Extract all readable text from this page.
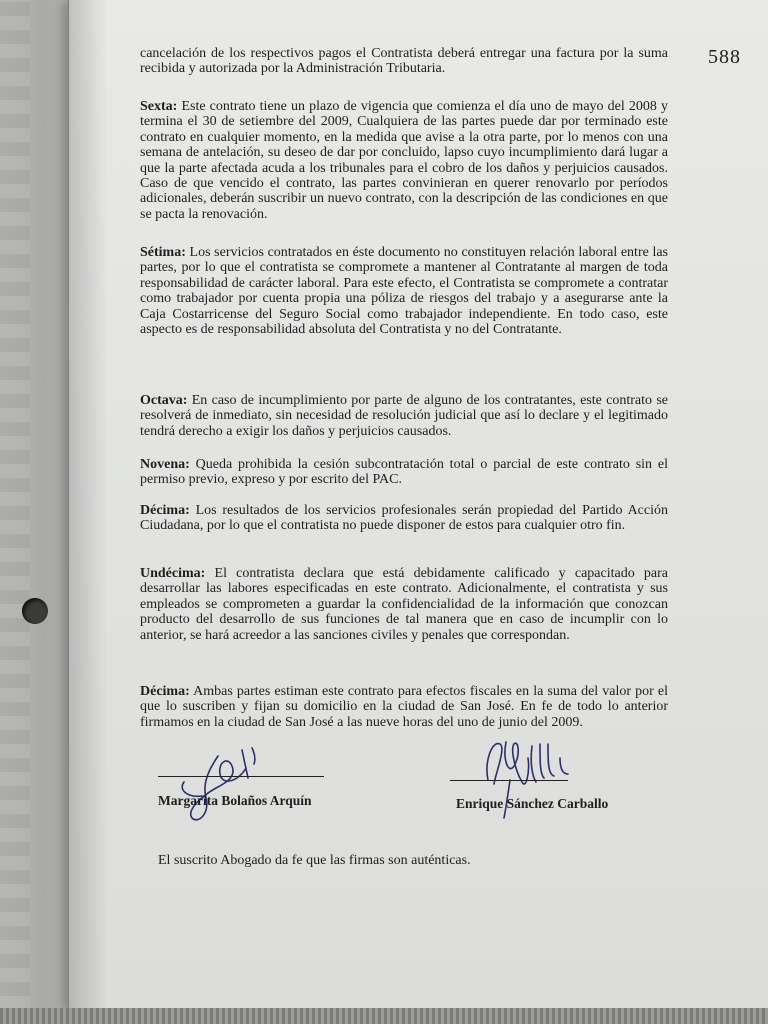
588

cancelación de los respectivos pagos el Contratista deberá entregar una factura por la suma recibida y autorizada por la Administración Tributaria.

Sexta: Este contrato tiene un plazo de vigencia que comienza el día uno de mayo del 2008 y termina el 30 de setiembre del 2009, Cualquiera de las partes puede dar por terminado este contrato en cualquier momento, en la medida que avise a la otra parte, por lo menos con una semana de antelación, su deseo de dar por concluido, lapso cuyo incumplimiento dará lugar a que la parte afectada acuda a los tribunales para el cobro de los daños y perjuicios causados. Caso de que vencido el contrato, las partes convinieran en querer renovarlo por períodos adicionales, deberán suscribir un nuevo contrato, con la descripción de las condiciones en que se pacta la renovación.

Sétima: Los servicios contratados en éste documento no constituyen relación laboral entre las partes, por lo que el contratista se compromete a mantener al Contratante al margen de toda responsabilidad de carácter laboral. Para este efecto, el Contratista se compromete a contratar como trabajador por cuenta propia una póliza de riesgos del trabajo y a asegurarse ante la Caja Costarricense del Seguro Social como trabajador independiente. En todo caso, este aspecto es de responsabilidad absoluta del Contratista y no del Contratante.

Octava: En caso de incumplimiento por parte de alguno de los contratantes, este contrato se resolverá de inmediato, sin necesidad de resolución judicial que así lo declare y el legitimado tendrá derecho a exigir los daños y perjuicios causados.

Novena: Queda prohibida la cesión subcontratación total o parcial de este contrato sin el permiso previo, expreso y por escrito del PAC.

Décima: Los resultados de los servicios profesionales serán propiedad del Partido Acción Ciudadana, por lo que el contratista no puede disponer de estos para cualquier otro fin.

Undécima: El contratista declara que está debidamente calificado y capacitado para desarrollar las labores especificadas en este contrato. Adicionalmente, el contratista y sus empleados se comprometen a guardar la confidencialidad de la información que conozcan producto del desarrollo de sus funciones de tal manera que en caso de incumplir con lo anterior, se hará acreedor a las sanciones civiles y penales que correspondan.

Décima: Ambas partes estiman este contrato para efectos fiscales en la suma del valor por el que lo suscriben y fijan su domicilio en la ciudad de San José. En fe de todo lo anterior firmamos en la ciudad de San José a las nueve horas del uno de junio del 2009.

Margarita Bolaños Arquín	Enrique Sánchez Carballo
El suscrito Abogado da fe que las firmas son auténticas.
